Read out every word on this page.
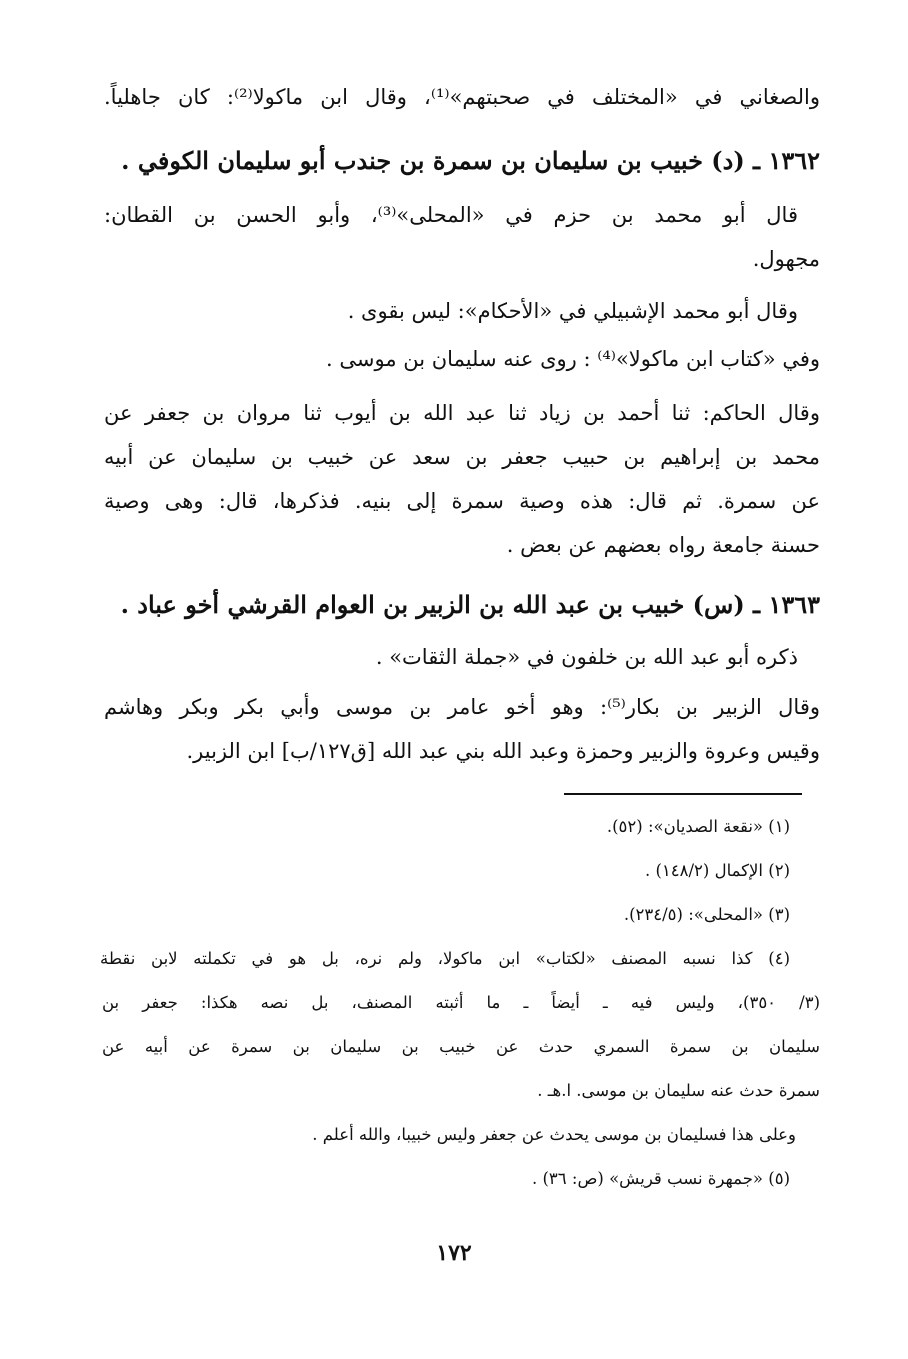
والصغاني في «المختلف في صحبتهم»⁽¹⁾، وقال ابن ماكولا⁽²⁾: كان جاهلياً.
١٣٦٢ ـ (د) خبيب بن سليمان بن سمرة بن جندب أبو سليمان الكوفي .
قال أبو محمد بن حزم في «المحلى»⁽³⁾، وأبو الحسن بن القطان:
مجهول.
وقال أبو محمد الإشبيلي في «الأحكام»: ليس بقوى .
وفي «كتاب ابن ماكولا»⁽⁴⁾ : روى عنه سليمان بن موسى .
وقال الحاكم: ثنا أحمد بن زياد ثنا عبد الله بن أيوب ثنا مروان بن جعفر عن
محمد بن إبراهيم بن حبيب جعفر بن سعد عن خبيب بن سليمان عن أبيه
عن سمرة. ثم قال: هذه وصية سمرة إلى بنيه. فذكرها، قال: وهى وصية
حسنة جامعة رواه بعضهم عن بعض .
١٣٦٣ ـ (س) خبيب بن عبد الله بن الزبير بن العوام القرشي أخو عباد .
ذكره أبو عبد الله بن خلفون في «جملة الثقات» .
وقال الزبير بن بكار⁽⁵⁾: وهو أخو عامر بن موسى وأبي بكر وبكر وهاشم
وقيس وعروة والزبير وحمزة وعبد الله بني عبد الله [ق١٢٧/ب] ابن الزبير.
(١) «نقعة الصديان»: (٥٢).
(٢) الإكمال (١٤٨/٢) .
(٣) «المحلى»: (٢٣٤/٥).
(٤) كذا نسبه المصنف «لكتاب» ابن ماكولا، ولم نره، بل هو في تكملته لابن نقطة
(٣/ ٣٥٠)، وليس فيه ـ أيضاً ـ ما أثبته المصنف، بل نصه هكذا: جعفر بن
سليمان بن سمرة السمري حدث عن خبيب بن سليمان بن سمرة عن أبيه عن
سمرة حدث عنه سليمان بن موسى. ا.هـ .
وعلى هذا فسليمان بن موسى يحدث عن جعفر وليس خبيبا، والله أعلم .
(٥) «جمهرة نسب قريش» (ص: ٣٦) .
١٧٢
